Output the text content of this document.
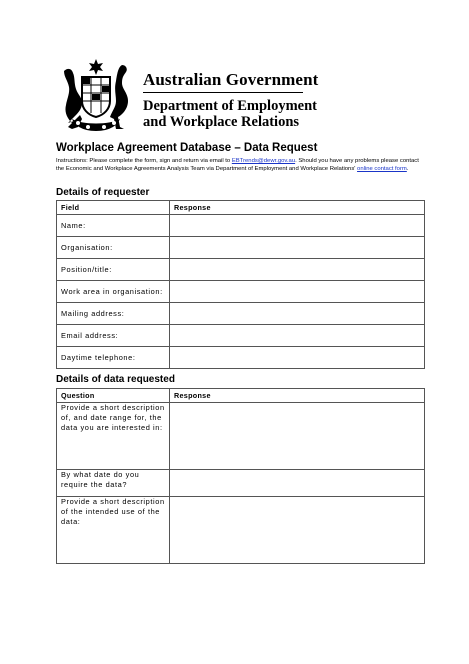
Australian Government
Department of Employment
and Workplace Relations
Workplace Agreement Database – Data Request
Instructions: Please complete the form, sign and return via email to EBTrends@dewr.gov.au. Should you have any problems please contact the Economic and Workplace Agreements Analysis Team via Department of Employment and Workplace Relations' online contact form.
Details of requester
Field	Response
Name:	
Organisation:	
Position/title:	
Work area in organisation:	
Mailing address:	
Email address:	
Daytime telephone:	
Details of data requested
Question	Response
Provide a short description of, and date range for, the data you are interested in:	
By what date do you require the data?	
Provide a short description of the intended use of the data:	
